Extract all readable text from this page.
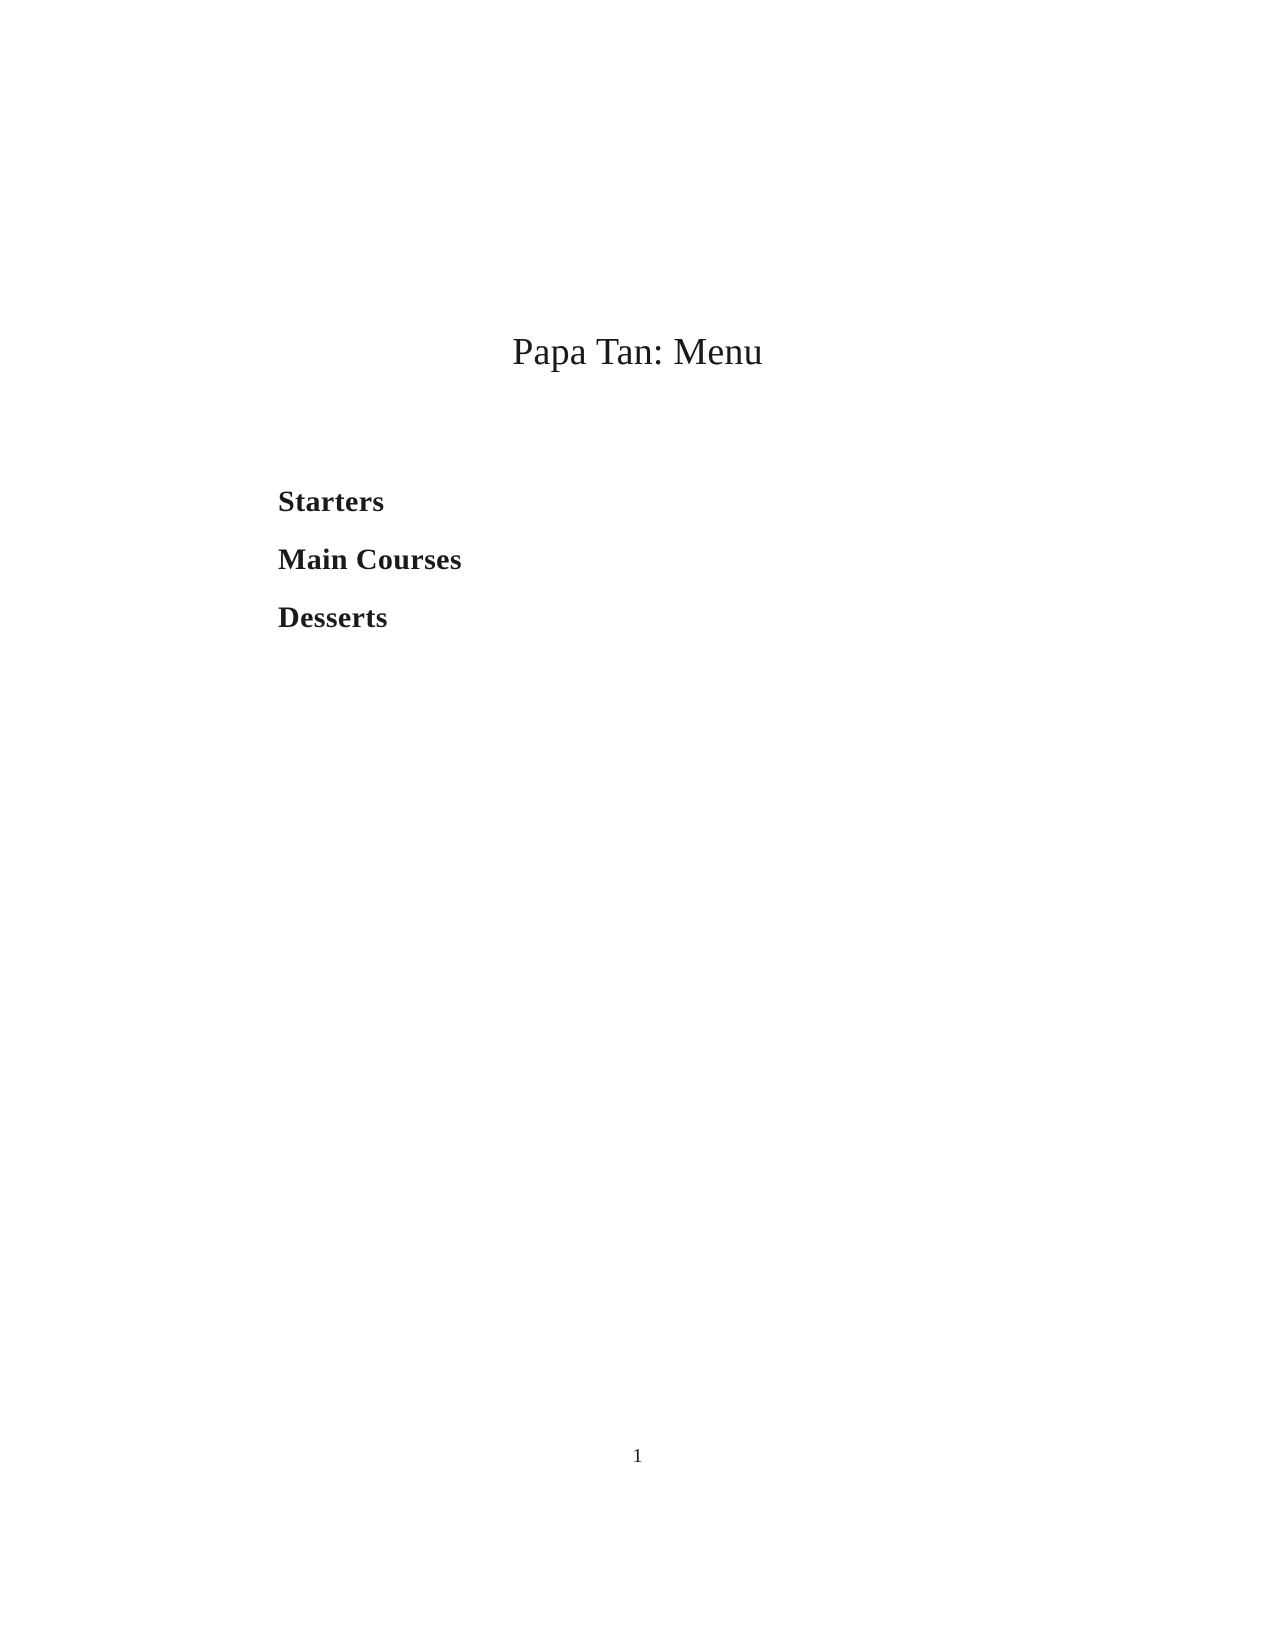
Papa Tan: Menu
Starters
Main Courses
Desserts
1
